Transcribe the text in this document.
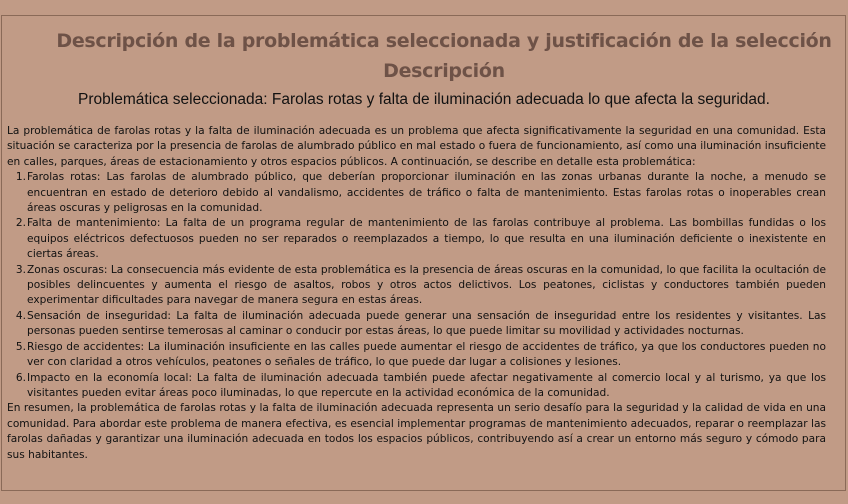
Descripción de la problemática seleccionada y justificación de la selección
Descripción
Problemática seleccionada: Farolas rotas y falta de iluminación adecuada lo que afecta la seguridad.

La problemática de farolas rotas y la falta de iluminación adecuada es un problema que afecta significativamente la seguridad en una comunidad. Esta situación se caracteriza por la presencia de farolas de alumbrado público en mal estado o fuera de funcionamiento, así como una iluminación insuficiente en calles, parques, áreas de estacionamiento y otros espacios públicos. A continuación, se describe en detalle esta problemática:

1. Farolas rotas: Las farolas de alumbrado público, que deberían proporcionar iluminación en las zonas urbanas durante la noche, a menudo se encuentran en estado de deterioro debido al vandalismo, accidentes de tráfico o falta de mantenimiento. Estas farolas rotas o inoperables crean áreas oscuras y peligrosas en la comunidad.
2. Falta de mantenimiento: La falta de un programa regular de mantenimiento de las farolas contribuye al problema. Las bombillas fundidas o los equipos eléctricos defectuosos pueden no ser reparados o reemplazados a tiempo, lo que resulta en una iluminación deficiente o inexistente en ciertas áreas.
3. Zonas oscuras: La consecuencia más evidente de esta problemática es la presencia de áreas oscuras en la comunidad, lo que facilita la ocultación de posibles delincuentes y aumenta el riesgo de asaltos, robos y otros actos delictivos. Los peatones, ciclistas y conductores también pueden experimentar dificultades para navegar de manera segura en estas áreas.
4. Sensación de inseguridad: La falta de iluminación adecuada puede generar una sensación de inseguridad entre los residentes y visitantes. Las personas pueden sentirse temerosas al caminar o conducir por estas áreas, lo que puede limitar su movilidad y actividades nocturnas.
5. Riesgo de accidentes: La iluminación insuficiente en las calles puede aumentar el riesgo de accidentes de tráfico, ya que los conductores pueden no ver con claridad a otros vehículos, peatones o señales de tráfico, lo que puede dar lugar a colisiones y lesiones.
6. Impacto en la economía local: La falta de iluminación adecuada también puede afectar negativamente al comercio local y al turismo, ya que los visitantes pueden evitar áreas poco iluminadas, lo que repercute en la actividad económica de la comunidad.

En resumen, la problemática de farolas rotas y la falta de iluminación adecuada representa un serio desafío para la seguridad y la calidad de vida en una comunidad. Para abordar este problema de manera efectiva, es esencial implementar programas de mantenimiento adecuados, reparar o reemplazar las farolas dañadas y garantizar una iluminación adecuada en todos los espacios públicos, contribuyendo así a crear un entorno más seguro y cómodo para sus habitantes.
